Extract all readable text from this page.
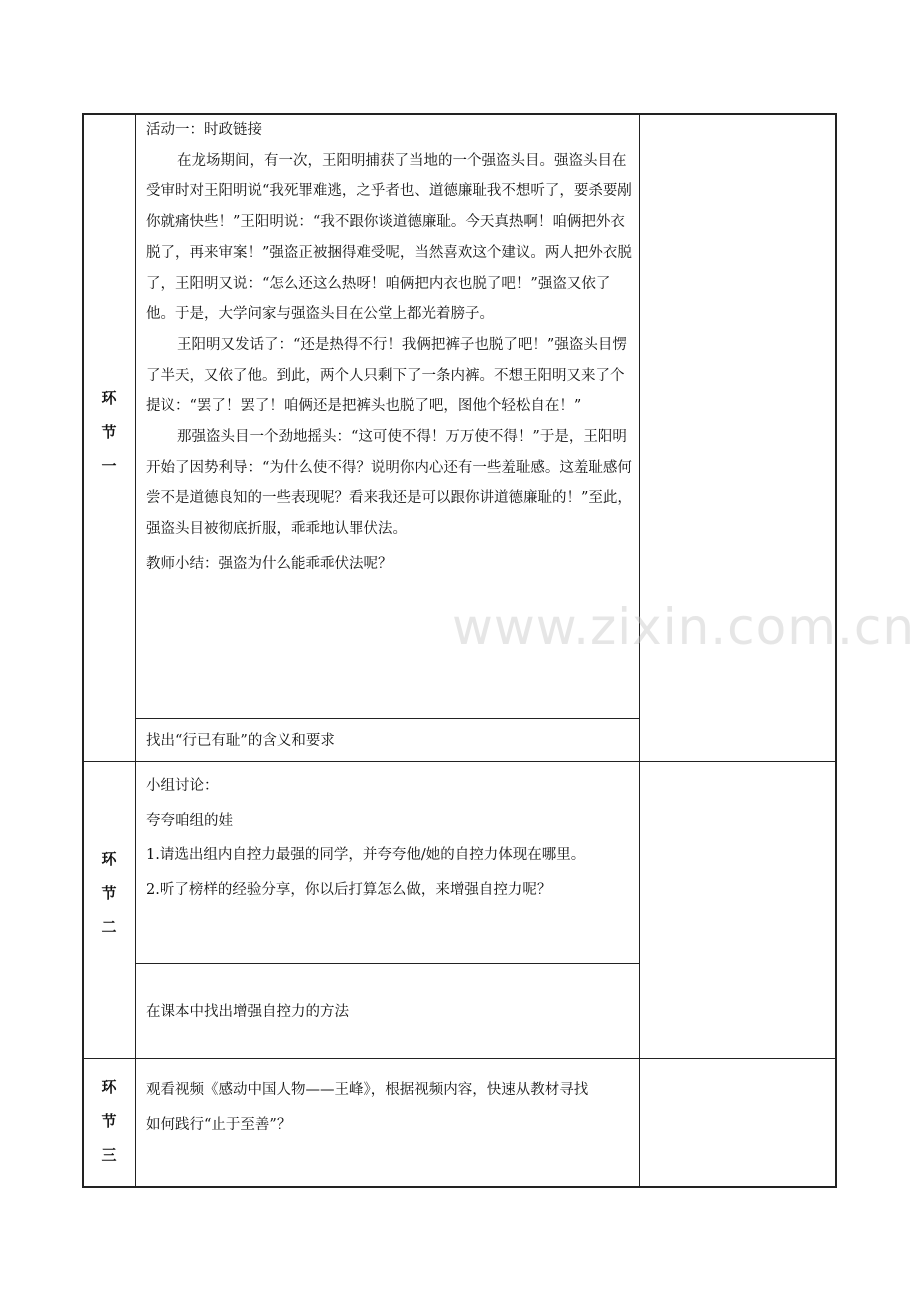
环
节
一

活动一：时政链接

在龙场期间，有一次，王阳明捕获了当地的一个强盗头目。强盗头目在受审时对王阳明说“我死罪难逃，之乎者也、道德廉耻我不想听了，要杀要剐你就痛快些！”王阳明说：“我不跟你谈道德廉耻。今天真热啊！咱俩把外衣脱了，再来审案！”强盗正被捆得难受呢，当然喜欢这个建议。两人把外衣脱了，王阳明又说：“怎么还这么热呀！咱俩把内衣也脱了吧！”强盗又依了他。于是，大学问家与强盗头目在公堂上都光着膀子。

王阳明又发话了：“还是热得不行！我俩把裤子也脱了吧！”强盗头目愣了半天，又依了他。到此，两个人只剩下了一条内裤。不想王阳明又来了个提议：“罢了！罢了！咱俩还是把裤头也脱了吧，图他个轻松自在！”

那强盗头目一个劲地摇头：“这可使不得！万万使不得！”于是，王阳明开始了因势利导：“为什么使不得？说明你内心还有一些羞耻感。这羞耻感何尝不是道德良知的一些表现呢？看来我还是可以跟你讲道德廉耻的！”至此，强盗头目被彻底折服，乖乖地认罪伏法。

教师小结：强盗为什么能乖乖伏法呢？

找出“行已有耻”的含义和要求

环
节
二

小组讨论：

夸夸咱组的娃

1.请选出组内自控力最强的同学，并夸夸他/她的自控力体现在哪里。

2.听了榜样的经验分享，你以后打算怎么做，来增强自控力呢？

在课本中找出增强自控力的方法

环
节
三

观看视频《感动中国人物——王峰》，根据视频内容，快速从教材寻找

如何践行“止于至善”？

www.zixin.com.cn
